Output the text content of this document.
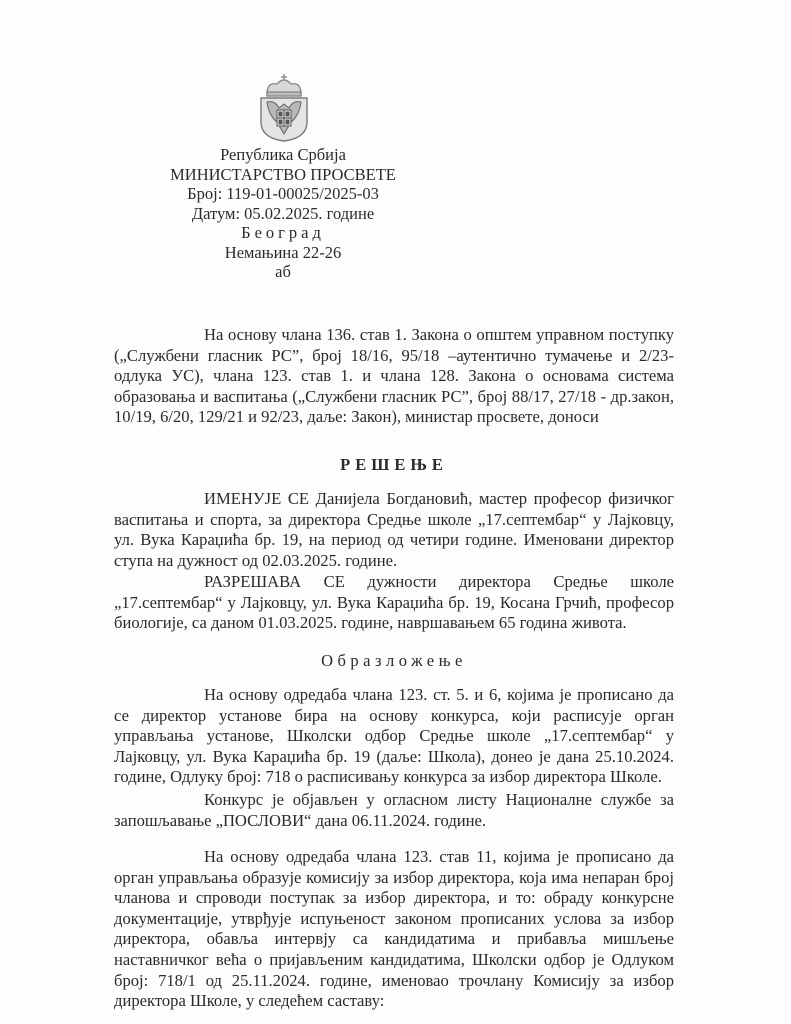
Република Србија
МИНИСТАРСТВО ПРОСВЕТЕ
Број: 119-01-00025/2025-03
Датум: 05.02.2025. године
Београд
Немањина 22-26
аб

На основу члана 136. став 1. Закона о општем управном поступку („Службени гласник РС”, број 18/16, 95/18 –аутентично тумачење и 2/23-одлука УС), члана 123. став 1. и члана 128. Закона о основама система образовања и васпитања („Службени гласник РС”, број 88/17, 27/18 - др.закон, 10/19, 6/20, 129/21 и 92/23, даље: Закон), министар просвете, доноси

РЕШЕЊЕ

ИМЕНУЈЕ СЕ Данијела Богдановић, мастер професор физичког васпитања и спорта, за директора Средње школе „17.септембар“ у Лајковцу, ул. Вука Караџића бр. 19, на период од четири године. Именовани директор ступа на дужност од 02.03.2025. године.

РАЗРЕШАВА СЕ дужности директора Средње школе „17.септембар“ у Лајковцу, ул. Вука Караџића бр. 19, Косана Грчић, професор биологије, са даном 01.03.2025. године, навршавањем 65 година живота.

Образложење

На основу одредаба члана 123. ст. 5. и 6, којима је прописано да се директор установе бира на основу конкурса, који расписује орган управљања установе, Школски одбор Средње школе „17.септембар“ у Лајковцу, ул. Вука Караџића бр. 19 (даље: Школа), донео је дана 25.10.2024. године, Одлуку број: 718 о расписивању конкурса за избор директора Школе.

Конкурс је објављен у огласном листу Националне службе за запошљавање „ПОСЛОВИ“ дана 06.11.2024. године.

На основу одредаба члана 123. став 11, којима је прописано да орган управљања образује комисију за избор директора, која има непаран број чланова и спроводи поступак за избор директора, и то: обраду конкурсне документације, утврђује испуњеност законом прописаних услова за избор директора, обавља интервју са кандидатима и прибавља мишљење наставничког већа о пријављеним кандидатима, Школски одбор је Одлуком број: 718/1 од 25.11.2024. године, именовао трочлану Комисију за избор директора Школе, у следећем саставу:
